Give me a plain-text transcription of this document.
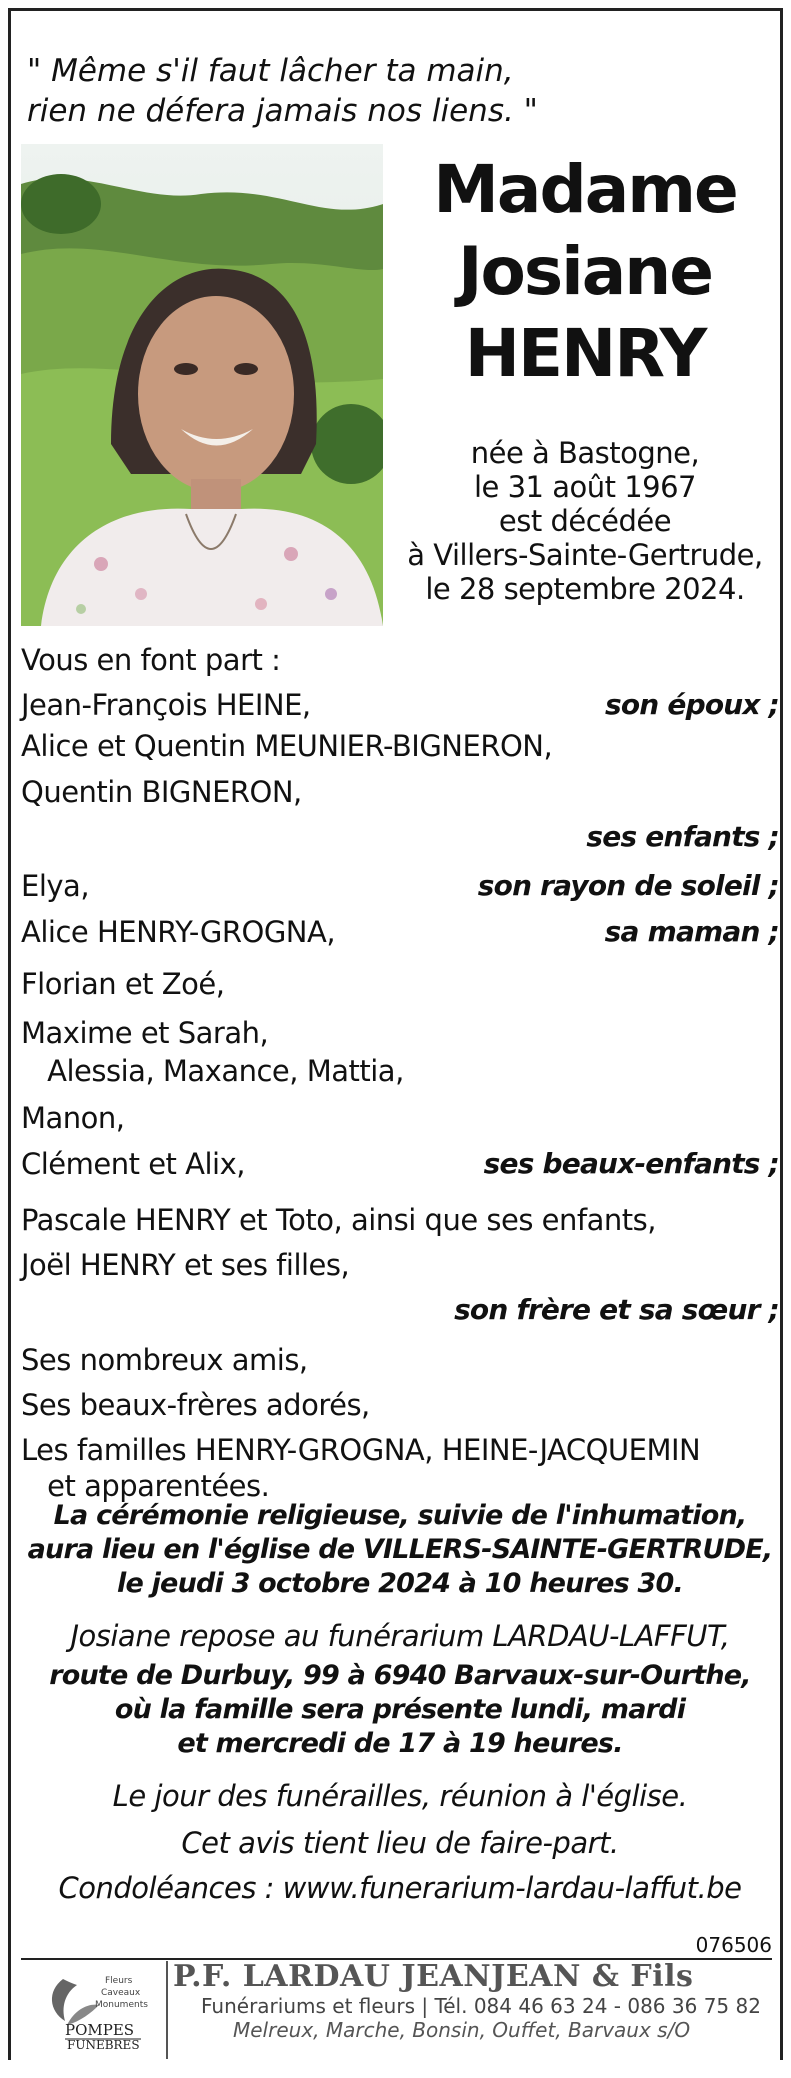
" Même s'il faut lâcher ta main,
rien ne défera jamais nos liens. "
Madame
Josiane
HENRY
née à Bastogne,
le 31 août 1967
est décédée
à Villers-Sainte-Gertrude,
le 28 septembre 2024.
Vous en font part :
Jean-François HEINE,	son époux ;
Alice et Quentin MEUNIER-BIGNERON,
Quentin BIGNERON,
ses enfants ;
Elya,	son rayon de soleil ;
Alice HENRY-GROGNA,	sa maman ;
Florian et Zoé,
Maxime et Sarah,
Alessia, Maxance, Mattia,
Manon,
Clément et Alix,	ses beaux-enfants ;
Pascale HENRY et Toto, ainsi que ses enfants,
Joël HENRY et ses filles,
son frère et sa sœur ;
Ses nombreux amis,
Ses beaux-frères adorés,
Les familles HENRY-GROGNA, HEINE-JACQUEMIN
et apparentées.
La cérémonie religieuse, suivie de l'inhumation,
aura lieu en l'église de VILLERS-SAINTE-GERTRUDE,
le jeudi 3 octobre 2024 à 10 heures 30.
Josiane repose au funérarium LARDAU-LAFFUT,
route de Durbuy, 99 à 6940 Barvaux-sur-Ourthe,
où la famille sera présente lundi, mardi
et mercredi de 17 à 19 heures.
Le jour des funérailles, réunion à l'église.
Cet avis tient lieu de faire-part.
Condoléances : www.funerarium-lardau-laffut.be
076506
Fleurs
Caveaux
Monuments
POMPES
FUNEBRES
P.F. LARDAU JEANJEAN & Fils
Funérariums et fleurs | Tél. 084 46 63 24 - 086 36 75 82
Melreux, Marche, Bonsin, Ouffet, Barvaux s/O
